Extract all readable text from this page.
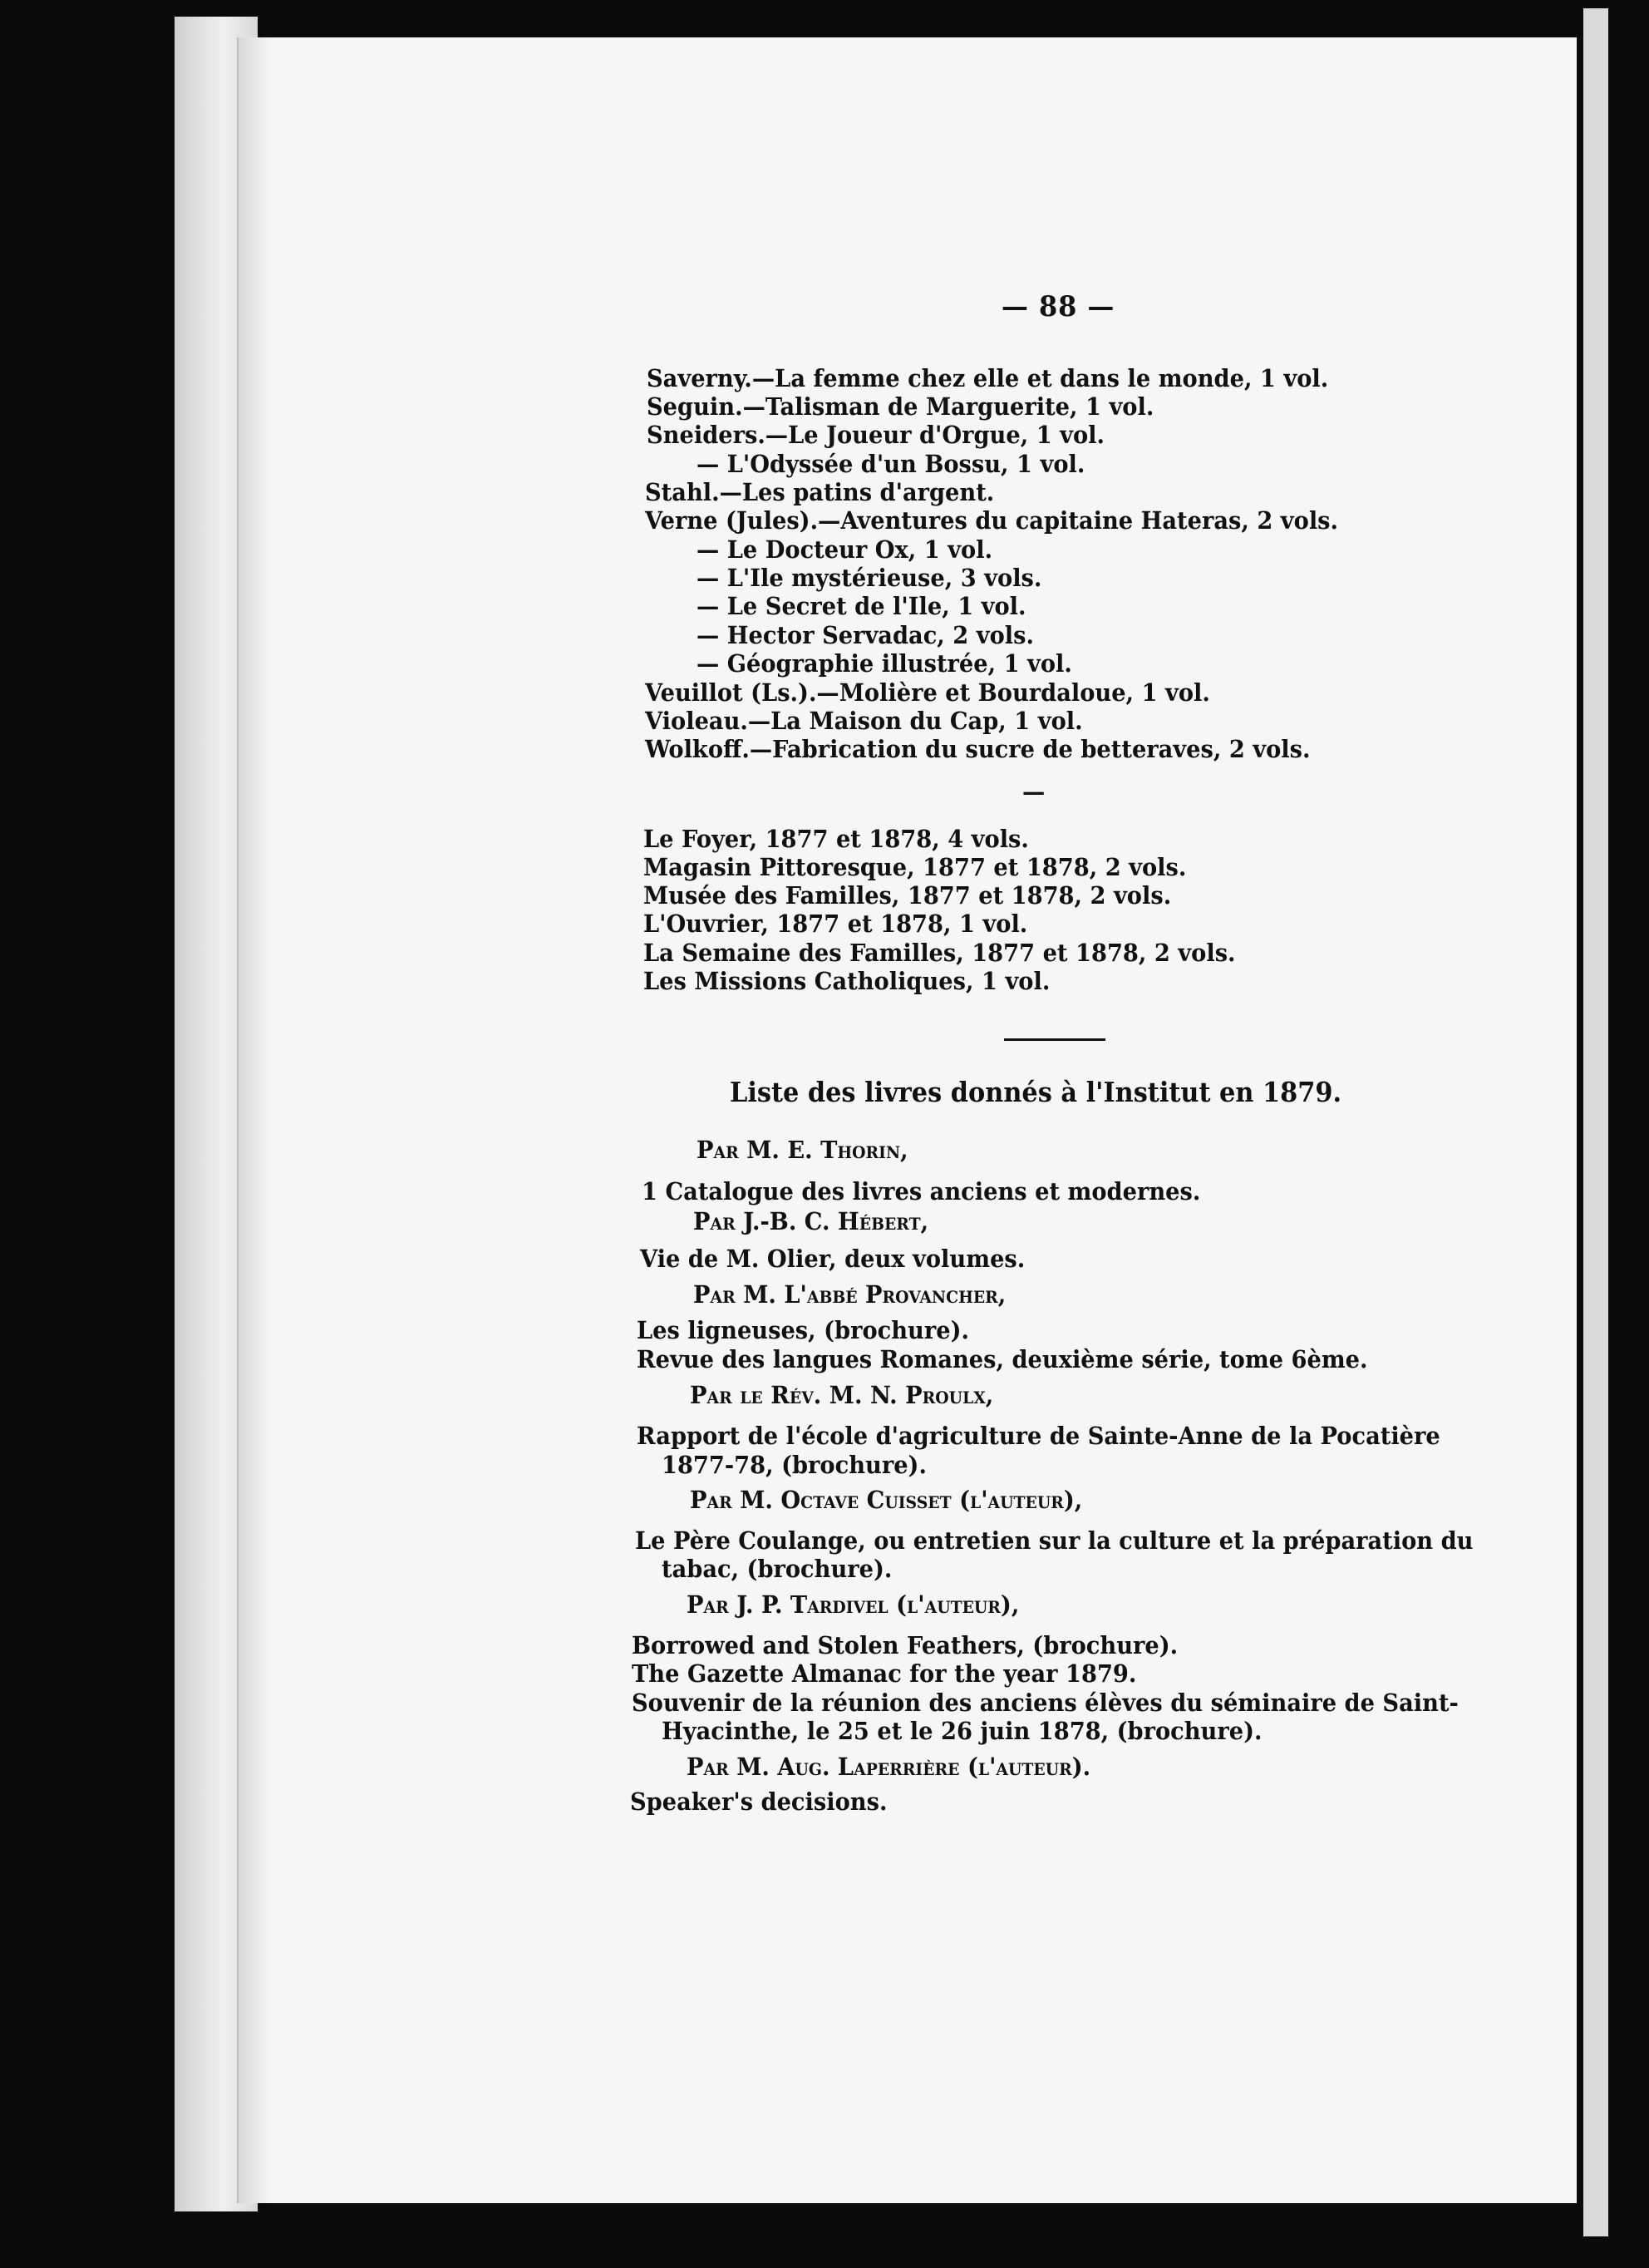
— 88 —
Saverny.—La femme chez elle et dans le monde, 1 vol.
Seguin.—Talisman de Marguerite, 1 vol.
Sneiders.—Le Joueur d'Orgue, 1 vol.
— L'Odyssée d'un Bossu, 1 vol.
Stahl.—Les patins d'argent.
Verne (Jules).—Aventures du capitaine Hateras, 2 vols.
— Le Docteur Ox, 1 vol.
— L'Ile mystérieuse, 3 vols.
— Le Secret de l'Ile, 1 vol.
— Hector Servadac, 2 vols.
— Géographie illustrée, 1 vol.
Veuillot (Ls.).—Molière et Bourdaloue, 1 vol.
Violeau.—La Maison du Cap, 1 vol.
Wolkoff.—Fabrication du sucre de betteraves, 2 vols.
—
Le Foyer, 1877 et 1878, 4 vols.
Magasin Pittoresque, 1877 et 1878, 2 vols.
Musée des Familles, 1877 et 1878, 2 vols.
L'Ouvrier, 1877 et 1878, 1 vol.
La Semaine des Familles, 1877 et 1878, 2 vols.
Les Missions Catholiques, 1 vol.
Liste des livres donnés à l'Institut en 1879.
Par M. E. Thorin,
1 Catalogue des livres anciens et modernes.
Par J.-B. C. Hébert,
Vie de M. Olier, deux volumes.
Par M. L'abbé Provancher,
Les ligneuses, (brochure).
Revue des langues Romanes, deuxième série, tome 6ème.
Par le Rév. M. N. Proulx,
Rapport de l'école d'agriculture de Sainte-Anne de la Pocatière
1877-78, (brochure).
Par M. Octave Cuisset (l'auteur),
Le Père Coulange, ou entretien sur la culture et la préparation du
tabac, (brochure).
Par J. P. Tardivel (l'auteur),
Borrowed and Stolen Feathers, (brochure).
The Gazette Almanac for the year 1879.
Souvenir de la réunion des anciens élèves du séminaire de Saint-
Hyacinthe, le 25 et le 26 juin 1878, (brochure).
Par M. Aug. Laperrière (l'auteur).
Speaker's decisions.
